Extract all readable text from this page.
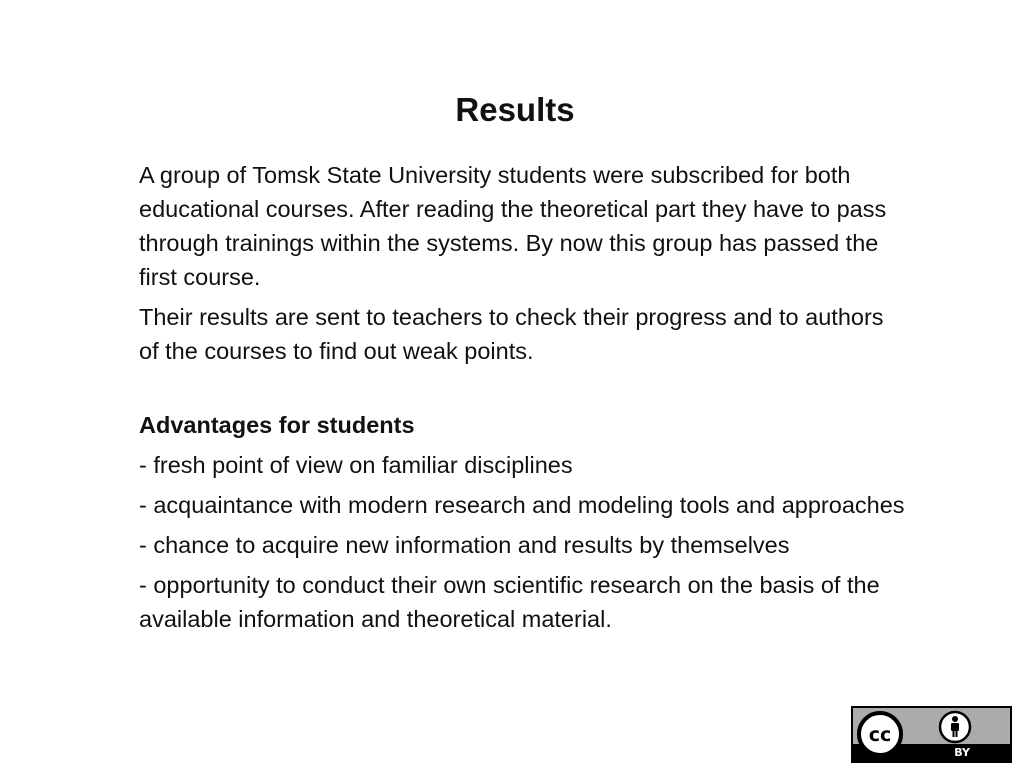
Results

A group of Tomsk State University students were subscribed for both educational courses. After reading the theoretical part they have to pass through trainings within the systems. By now this group has passed the first course.

Their results are sent to teachers to check their progress and to authors of the courses to find out weak points.

Advantages for students

- fresh point of view on familiar disciplines

- acquaintance with modern research and modeling tools and approaches

- chance to acquire new information and results by themselves

- opportunity to conduct their own scientific research on the basis of the available information and theoretical material.

cc
BY
